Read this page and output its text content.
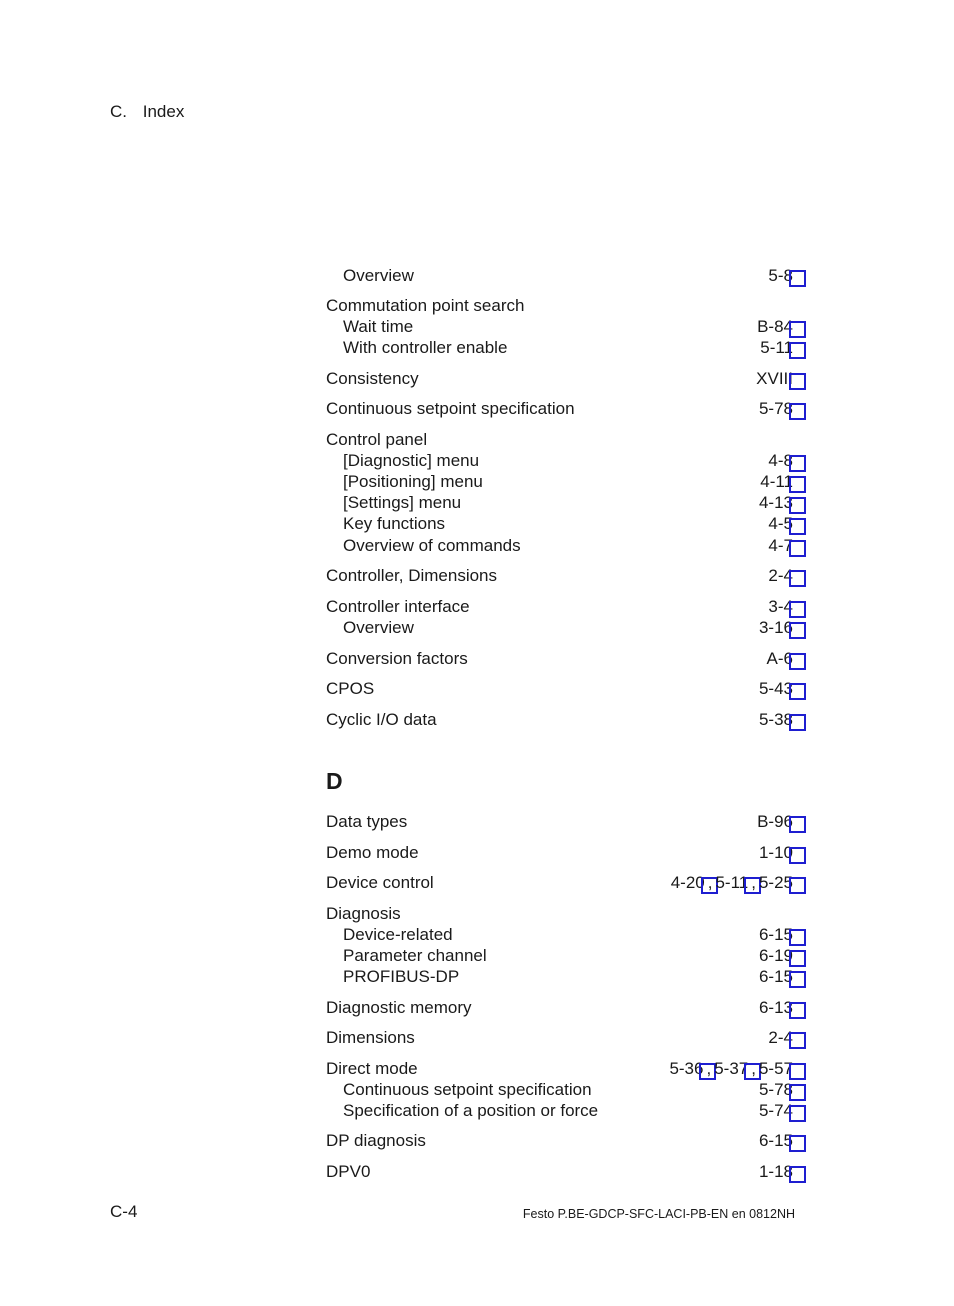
C. Index
Overview	5-8
Commutation point search
Wait time	B-84
With controller enable	5-11
Consistency	XVIII
Continuous setpoint specification	5-78
Control panel
[Diagnostic] menu	4-8
[Positioning] menu	4-11
[Settings] menu	4-13
Key functions	4-5
Overview of commands	4-7
Controller, Dimensions	2-4
Controller interface	3-4
Overview	3-16
Conversion factors	A-6
CPOS	5-43
Cyclic I/O data	5-38
Data types	B-96
Demo mode	1-10
Device control	4-20 , 5-11 , 5-25
Diagnosis
Device-related	6-15
Parameter channel	6-19
PROFIBUS-DP	6-15
Diagnostic memory	6-13
Dimensions	2-4
Direct mode	5-36 , 5-37 , 5-57
Continuous setpoint specification	5-78
Specification of a position or force	5-74
DP diagnosis	6-15
DPV0	1-18
D
C-4	Festo P.BE-GDCP-SFC-LACI-PB-EN en 0812NH
